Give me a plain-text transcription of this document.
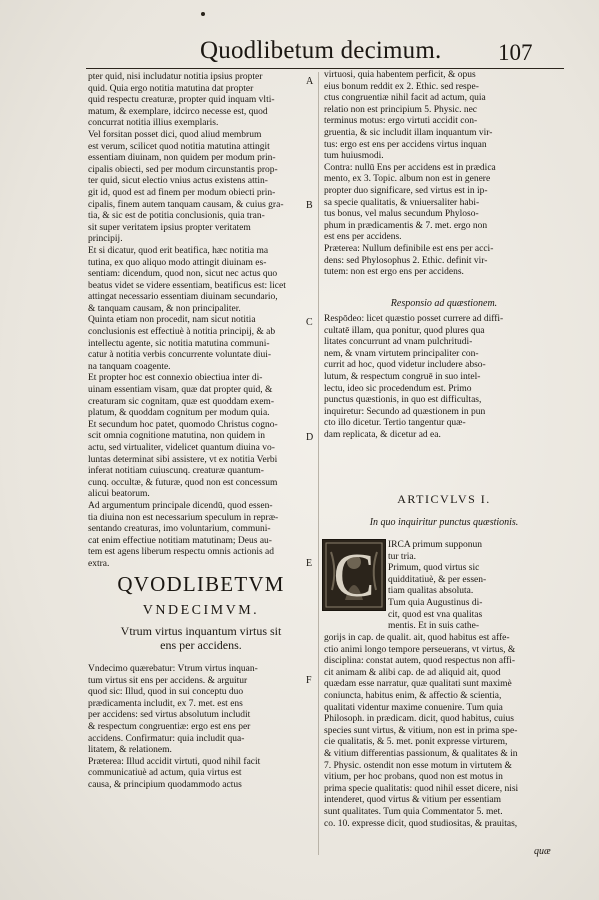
Quodlibetum decimum. 107

pter quid, nisi includatur notitia ipsius propter

quid. Quia ergo notitia matutina dat propter

quid respectu creaturæ, propter quid inquam vlti-

matum, & exemplare, idcirco necesse est, quod

concurrat notitia illius exemplaris.

Vel forsitan posset dici, quod aliud membrum

est verum, scilicet quod notitia matutina attingit

essentiam diuinam, non quidem per modum prin-

cipalis obiecti, sed per modum circunstantis prop-

ter quid, sicut electio vnius actus existens attin-

git id, quod est ad finem per modum obiecti prin-

cipalis, finem autem tanquam causam, & cuius gra-

tia, & sic est de potitia conclusionis, quia tran-

sit super veritatem ipsius propter veritatem

principij.

Et si dicatur, quod erit beatifica, hæc notitia ma

tutina, ex quo aliquo modo attingit diuinam es-

sentiam: dicendum, quod non, sicut nec actus quo

beatus videt se videre essentiam, beatificus est: licet

attingat necessario essentiam diuinam secundario,

& tanquam causam, & non principaliter.

Quinta etiam non procedit, nam sicut notitia

conclusionis est effectiuè à notitia principij, & ab

intellectu agente, sic notitia matutina communi-

catur à notitia verbis concurrente voluntate diui-

na tanquam coagente.

Et propter hoc est connexio obiectiua inter di-

uinam essentiam visam, quæ dat propter quid, &

creaturam sic cognitam, quæ est quoddam exem-

platum, & quoddam cognitum per modum quia.

Et secundum hoc patet, quomodo Christus cogno-

scit omnia cognitione matutina, non quidem in

actu, sed virtualiter, videlicet quantum diuina vo-

luntas determinat sibi assistere, vt ex notitia Verbi

inferat notitiam cuiuscunq. creaturæ quantum-

cunq. occultæ, & futuræ, quod non est concessum

alicui beatorum.

Ad argumentum principale dicendū, quod essen-

tia diuina non est necessarium speculum in repræ-

sentando creaturas, imo voluntarium, communi-

cat enim effectiue notitiam matutinam; Deus au-

tem est agens liberum respectu omnis actionis ad

extra.

QVODLIBETVM
VNDECIMVM.

Vtrum virtus inquantum virtus sit

ens per accidens.

Vndecimo quærebatur: Vtrum virtus inquan-

tum virtus sit ens per accidens. & arguitur

quod sic: Illud, quod in sui conceptu duo

prædicamenta includit, ex 7. met. est ens

per accidens: sed virtus absolutum includit

& respectum congruentiæ: ergo est ens per

accidens. Confirmatur: quia includit qua-

litatem, & relationem.

Præterea: Illud accidit virtuti, quod nihil facit

communicatiuè ad actum, quia virtus est

causa, & principium quodammodo actus

virtuosi, quia habentem perficit, & opus

eius bonum reddit ex 2. Ethic. sed respe-

ctus congruentiæ nihil facit ad actum, quia

relatio non est principium 5. Physic. nec

terminus motus: ergo virtuti accidit con-

gruentia, & sic includit illam inquantum vir-

tus: ergo est ens per accidens virtus inquan

tum huiusmodi.

Contra: nullū Ens per accidens est in prædica

mento, ex 3. Topic. album non est in genere

propter duo significare, sed virtus est in ip-

sa specie qualitatis, & vniuersaliter habi-

tus bonus, vel malus secundum Phyloso-

phum in prædicamentis & 7. met. ergo non

est ens per accidens.

Præterea: Nullum definibile est ens per acci-

dens: sed Phylosophus 2. Ethic. definit vir-

tutem: non est ergo ens per accidens.

Responsio ad quæstionem.

Respōdeo: licet quæstio posset currere ad diffi-

cultatē illam, qua ponitur, quod plures qua

litates concurrunt ad vnam pulchritudi-

nem, & vnam virtutem principaliter con-

currit ad hoc, quod videtur includere abso-

lutum, & respectum congruē in suo intel-

lectu, ideo sic procedendum est. Primo

punctus quæstionis, in quo est difficultas,

inquiretur: Secundo ad quæstionem in pun

cto illo dicetur. Tertio tangentur quæ-

dam replicata, & dicetur ad ea.

ARTICVLVS I.
In quo inquiritur punctus quæstionis.
C	IRCA primum supponun

tur tria.

Primum, quod virtus sic

quidditatiuè, & per essen-

tiam qualitas absoluta.

Tum quia Augustinus di-

cit, quod est vna qualitas

mentis. Et in suis cathe-

gorijs in cap. de qualit. ait, quod habitus est affe-

ctio animi longo tempore perseuerans, vt virtus, &

disciplina: constat autem, quod respectus non affi-

cit animam & alibi cap. de ad aliquid ait, quod

quædam esse narratur, quæ qualitati sunt maximè

coniuncta, habitus enim, & affectio & scientia,

qualitati videntur maxime conuenire. Tum quia

Philosoph. in prædicam. dicit, quod habitus, cuius

species sunt virtus, & vitium, non est in prima spe-

cie qualitatis, & 5. met. ponit expresse virturem,

& vitium differentias passionum, & qualitates & in

7. Physic. ostendit non esse motum in virtutem &

vitium, per hoc probans, quod non est motus in

prima specie qualitatis: quod nihil esset dicere, nisi

intenderet, quod virtus & vitium per essentiam

sunt qualitates. Tum quia Commentator 5. met.

co. 10. expresse dicit, quod studiositas, & prauitas,

A
B
C
D
E
F
quæ
